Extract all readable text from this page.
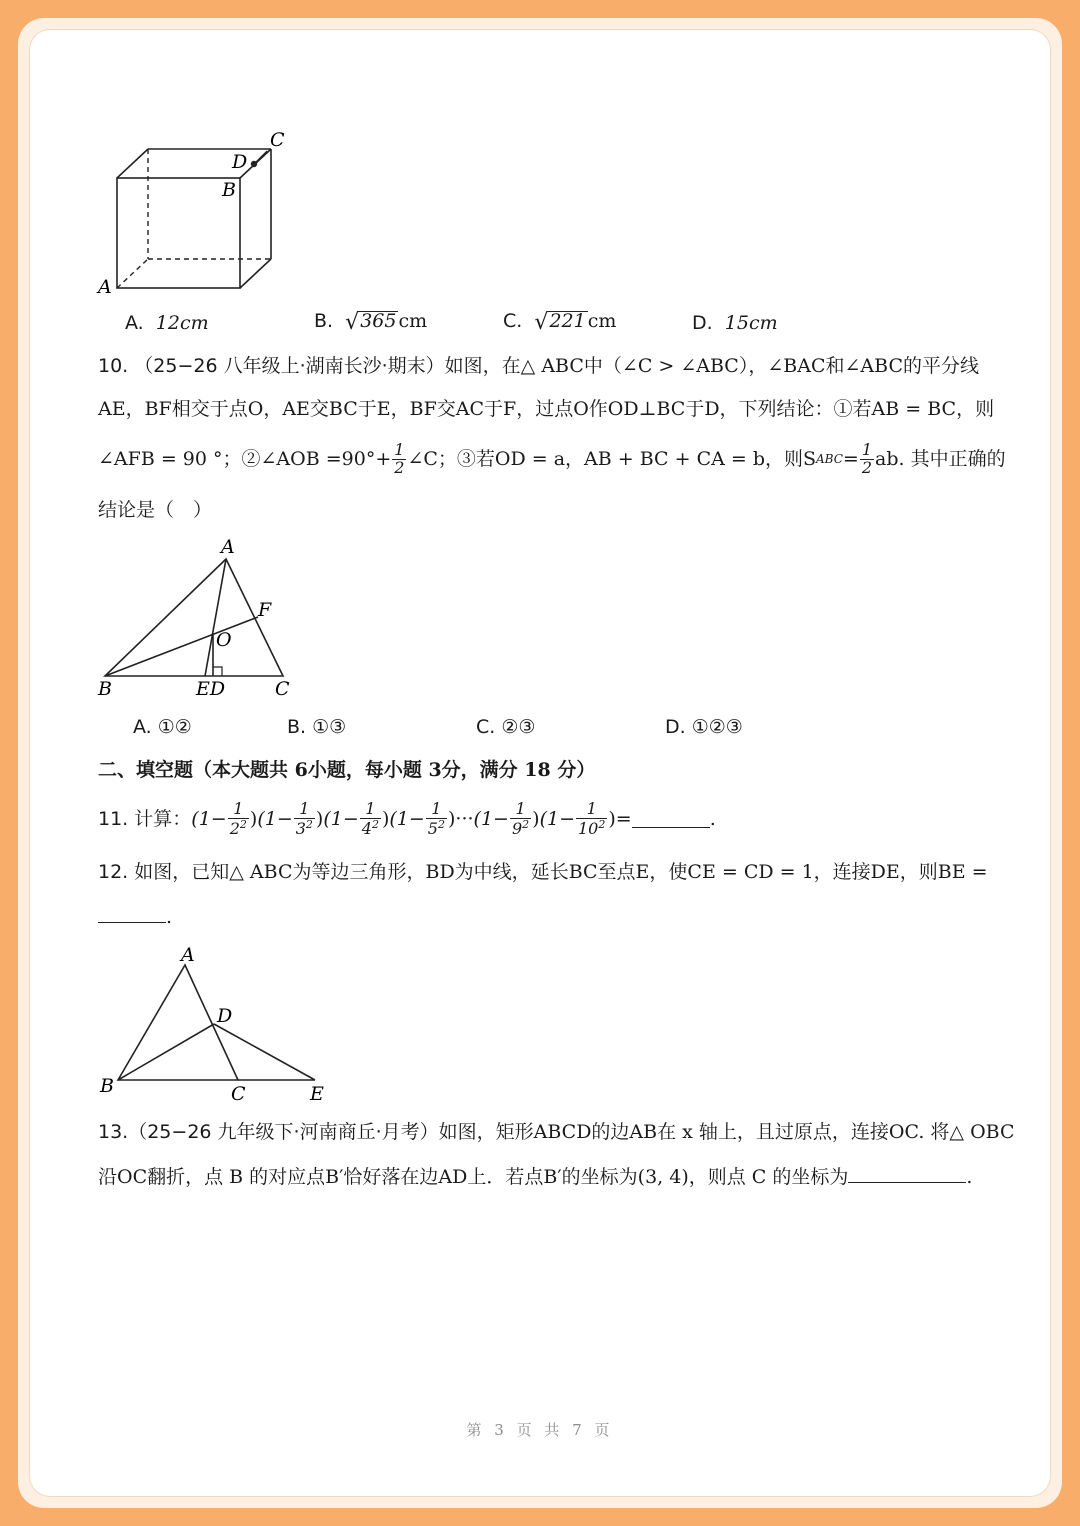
C
D
B
A
A. 12cm	B. √365 cm	C. √221 cm	D. 15cm
10. （25−26 八年级上·湖南长沙·期末）如图，在△ ABC中（∠C > ∠ABC），∠BAC和∠ABC的平分线
AE，BF相交于点O，AE交BC于E，BF交AC于F，过点O作OD⊥BC于D，下列结论：①若AB = BC，则
∠AFB = 90 °；②∠AOB $=90^\circ+ \frac{1}{2}$ ∠C；③若OD = a，AB + BC + CA = b，则S ABC = $\frac{1}{2}$ ab. 其中正确的
结论是（　）
A
F
O
B	ED	C
A. ①②	B. ①③	C. ②③	D. ①②③
二、填空题（本大题共 6小题，每小题 3分，满分 18 分）
11.
计算： ($1- \frac{1}{2^2}$ ) ($1- \frac{1}{3^2}$ ) ($1- \frac{1}{4^2}$ ) ($1- \frac{1}{5^2}$ ) ··· ($1- \frac{1}{9^2}$ ) ($1- \frac{1}{10^2}$ ) =	.
12. 如图，已知△ ABC为等边三角形，BD为中线，延长BC至点E，使CE = CD = 1，连接DE，则BE =
.
A
D
B	C	E
13.（25−26 九年级下·河南商丘·月考）如图，矩形ABCD的边AB在 x 轴上，且过原点，连接OC. 将△ OBC
沿OC翻折，点 B 的对应点B′恰好落在边AD上．若点B′的坐标为(3, 4)，则点 C 的坐标为	.
第 3 页 共 7 页
